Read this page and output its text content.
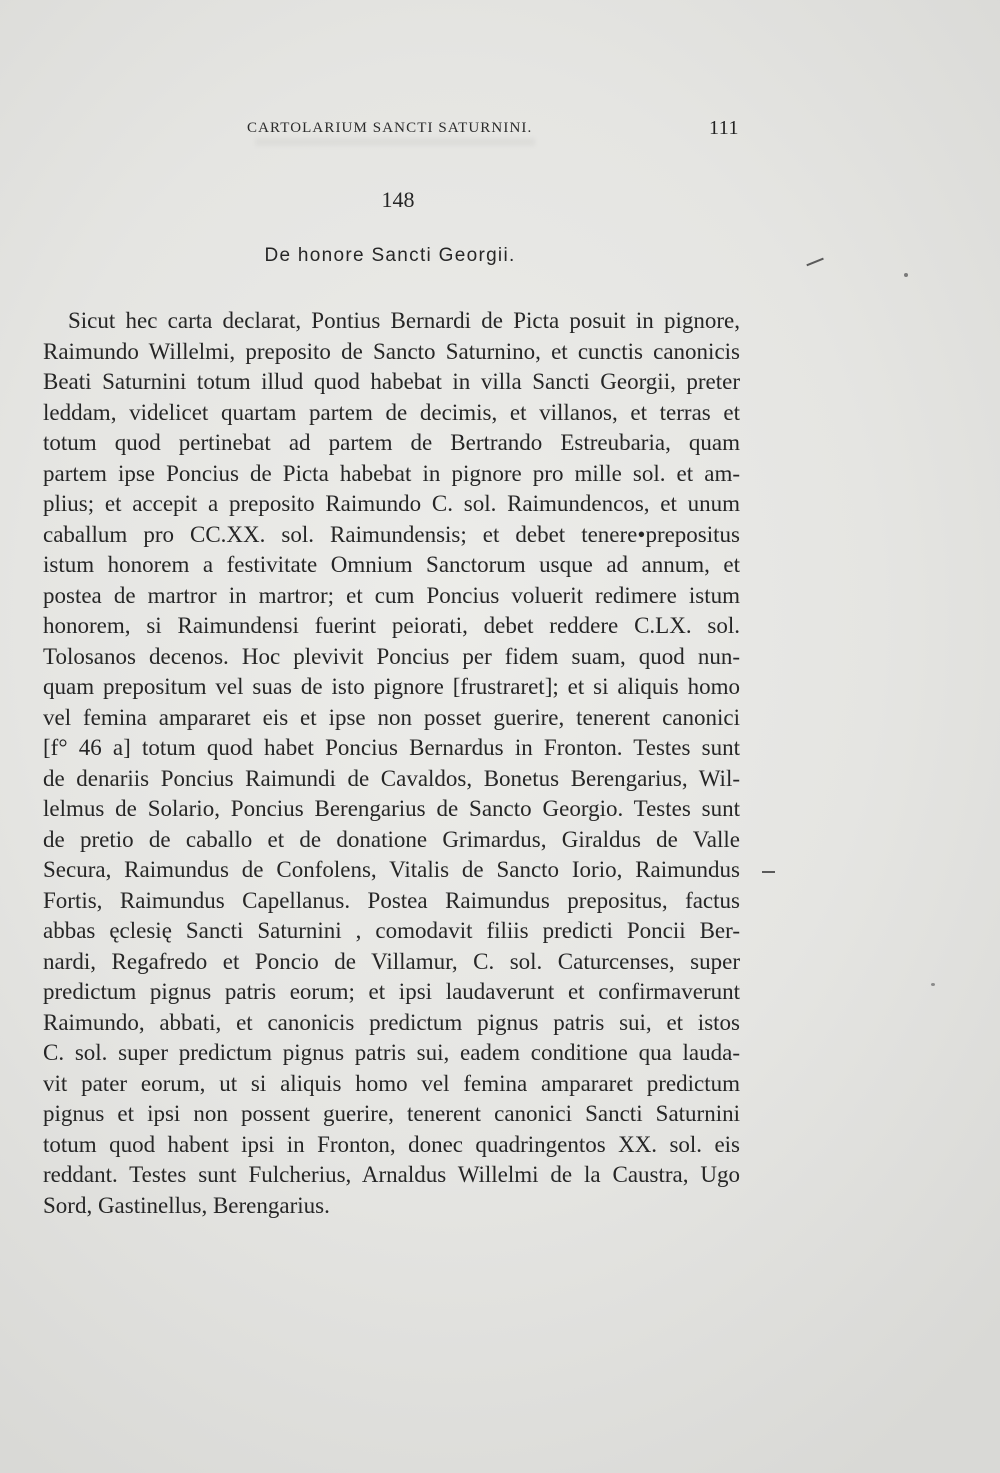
CARTOLARIUM SANCTI SATURNINI.	111
148
De honore Sancti Georgii.
Sicut hec carta declarat, Pontius Bernardi de Picta posuit in pignore,
Raimundo Willelmi, preposito de Sancto Saturnino, et cunctis canonicis
Beati Saturnini totum illud quod habebat in villa Sancti Georgii, preter
leddam, videlicet quartam partem de decimis, et villanos, et terras et
totum quod pertinebat ad partem de Bertrando Estreubaria, quam
partem ipse Poncius de Picta habebat in pignore pro mille sol. et am-
plius; et accepit a preposito Raimundo C. sol. Raimundencos, et unum
caballum pro CC.XX. sol. Raimundensis; et debet tenere•prepositus
istum honorem a festivitate Omnium Sanctorum usque ad annum, et
postea de martror in martror; et cum Poncius voluerit redimere istum
honorem, si Raimundensi fuerint peiorati, debet reddere C.LX. sol.
Tolosanos decenos. Hoc plevivit Poncius per fidem suam, quod nun-
quam prepositum vel suas de isto pignore [frustraret]; et si aliquis homo
vel femina ampararet eis et ipse non posset guerire, tenerent canonici
[f° 46 a] totum quod habet Poncius Bernardus in Fronton. Testes sunt
de denariis Poncius Raimundi de Cavaldos, Bonetus Berengarius, Wil-
lelmus de Solario, Poncius Berengarius de Sancto Georgio. Testes sunt
de pretio de caballo et de donatione Grimardus, Giraldus de Valle
Secura, Raimundus de Confolens, Vitalis de Sancto Iorio, Raimundus
Fortis, Raimundus Capellanus. Postea Raimundus prepositus, factus
abbas ęclesię Sancti Saturnini , comodavit filiis predicti Poncii Ber-
nardi, Regafredo et Poncio de Villamur, C. sol. Caturcenses, super
predictum pignus patris eorum; et ipsi laudaverunt et confirmaverunt
Raimundo, abbati, et canonicis predictum pignus patris sui, et istos
C. sol. super predictum pignus patris sui, eadem conditione qua lauda-
vit pater eorum, ut si aliquis homo vel femina ampararet predictum
pignus et ipsi non possent guerire, tenerent canonici Sancti Saturnini
totum quod habent ipsi in Fronton, donec quadringentos XX. sol. eis
reddant. Testes sunt Fulcherius, Arnaldus Willelmi de la Caustra, Ugo
Sord, Gastinellus, Berengarius.
